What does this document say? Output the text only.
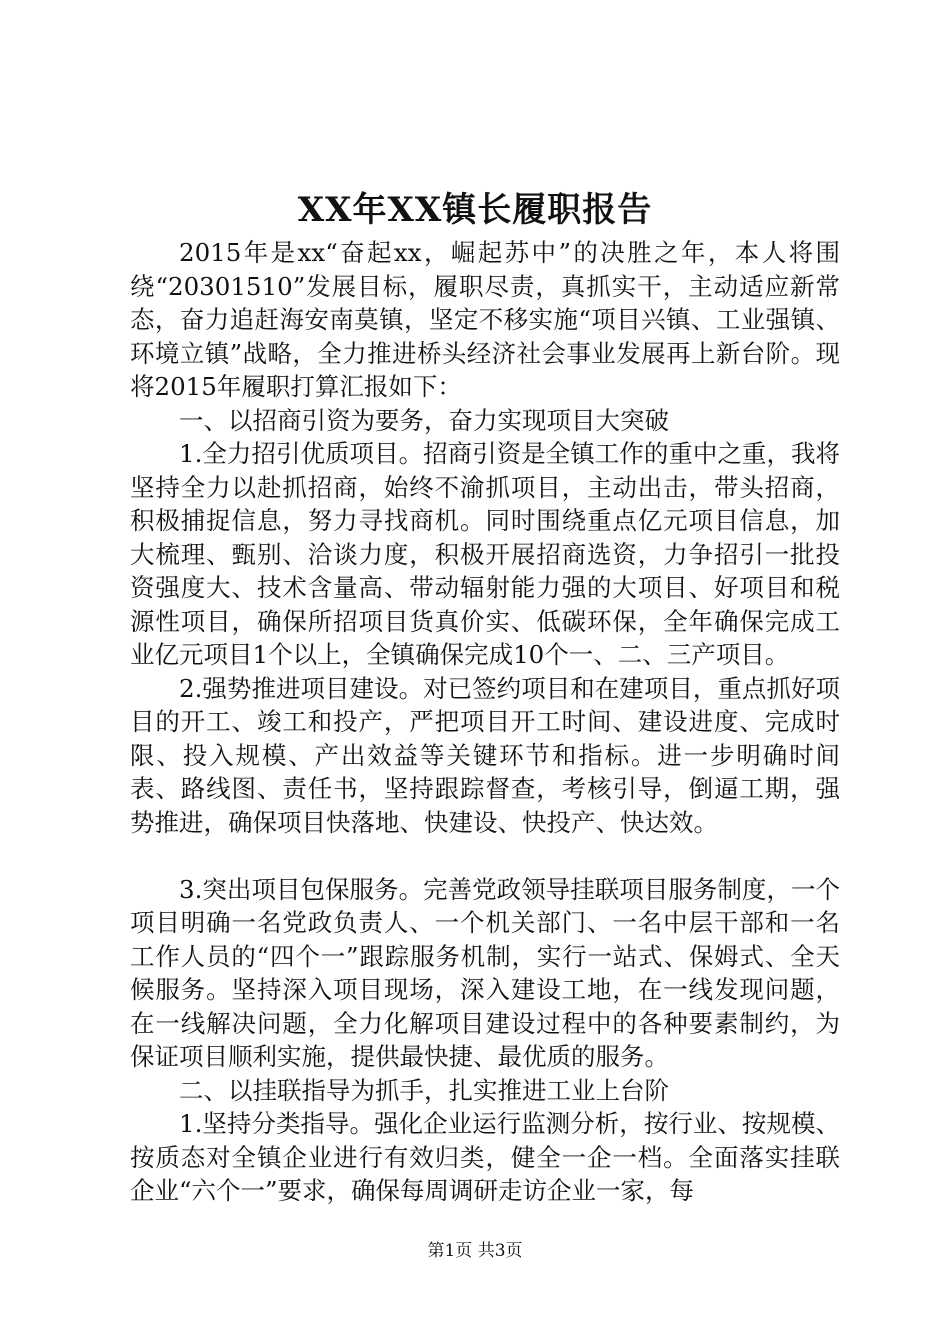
XX年XX镇长履职报告

2015年是xx“奋起xx，崛起苏中”的决胜之年，本人将围绕“20301510”发展目标，履职尽责，真抓实干，主动适应新常态，奋力追赶海安南莫镇，坚定不移实施“项目兴镇、工业强镇、环境立镇”战略，全力推进桥头经济社会事业发展再上新台阶。现将2015年履职打算汇报如下：

一、以招商引资为要务，奋力实现项目大突破

1.全力招引优质项目。招商引资是全镇工作的重中之重，我将坚持全力以赴抓招商，始终不渝抓项目，主动出击，带头招商，积极捕捉信息，努力寻找商机。同时围绕重点亿元项目信息，加大梳理、甄别、洽谈力度，积极开展招商选资，力争招引一批投资强度大、技术含量高、带动辐射能力强的大项目、好项目和税源性项目，确保所招项目货真价实、低碳环保，全年确保完成工业亿元项目1个以上，全镇确保完成10个一、二、三产项目。

2.强势推进项目建设。对已签约项目和在建项目，重点抓好项目的开工、竣工和投产，严把项目开工时间、建设进度、完成时限、投入规模、产出效益等关键环节和指标。进一步明确时间表、路线图、责任书，坚持跟踪督查，考核引导，倒逼工期，强势推进，确保项目快落地、快建设、快投产、快达效。

3.突出项目包保服务。完善党政领导挂联项目服务制度，一个项目明确一名党政负责人、一个机关部门、一名中层干部和一名工作人员的“四个一”跟踪服务机制，实行一站式、保姆式、全天候服务。坚持深入项目现场，深入建设工地，在一线发现问题，在一线解决问题，全力化解项目建设过程中的各种要素制约，为保证项目顺利实施，提供最快捷、最优质的服务。

二、以挂联指导为抓手，扎实推进工业上台阶

1.坚持分类指导。强化企业运行监测分析，按行业、按规模、按质态对全镇企业进行有效归类，健全一企一档。全面落实挂联企业“六个一”要求，确保每周调研走访企业一家，每

第1页 共3页
